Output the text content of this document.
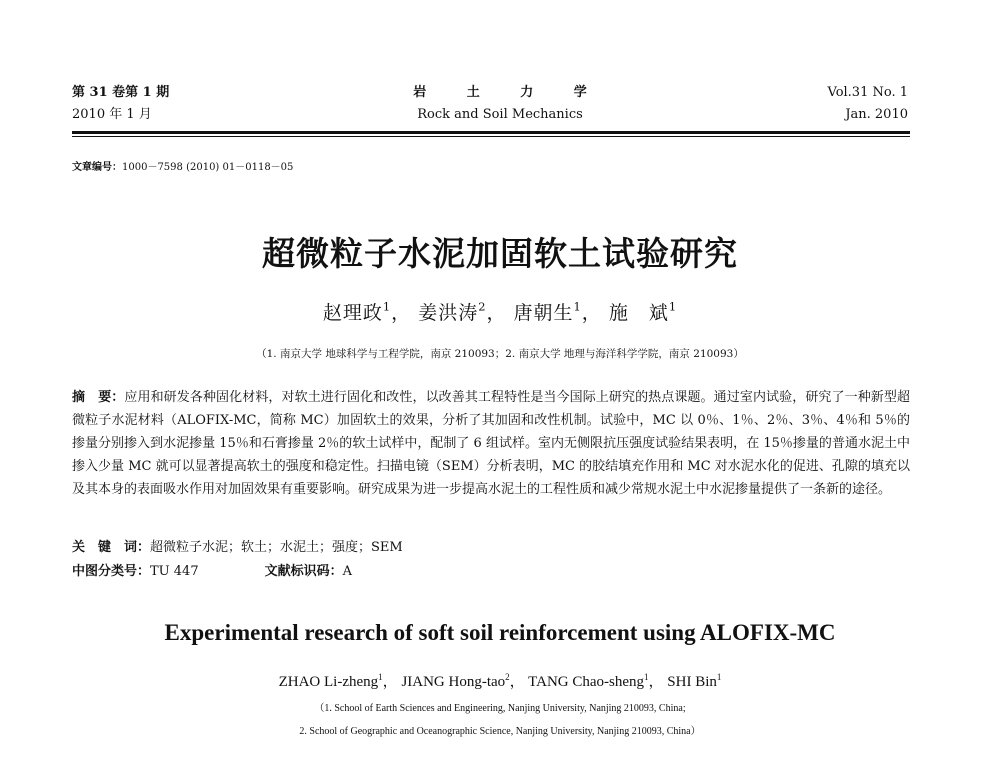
第 31 卷第 1 期
2010 年 1 月
岩 土 力 学
Rock and Soil Mechanics
Vol.31 No. 1
Jan. 2010
文章编号：1000－7598 (2010) 01－0118－05
超微粒子水泥加固软土试验研究
赵理政$^1$， 姜洪涛$^2$， 唐朝生$^1$， 施　斌$^1$
（1. 南京大学 地球科学与工程学院，南京 210093；2. 南京大学 地理与海洋科学学院，南京 210093）
摘　要：应用和研发各种固化材料，对软土进行固化和改性，以改善其工程特性是当今国际上研究的热点课题。通过室内试验，研究了一种新型超微粒子水泥材料（ALOFIX-MC，简称 MC）加固软土的效果，分析了其加固和改性机制。试验中，MC 以 0％、1％、2％、3％、4％和 5％的掺量分别掺入到水泥掺量 15％和石膏掺量 2％的软土试样中，配制了 6 组试样。室内无侧限抗压强度试验结果表明，在 15％掺量的普通水泥土中掺入少量 MC 就可以显著提高软土的强度和稳定性。扫描电镜（SEM）分析表明，MC 的胶结填充作用和 MC 对水泥水化的促进、孔隙的填充以及其本身的表面吸水作用对加固效果有重要影响。研究成果为进一步提高水泥土的工程性质和减少常规水泥土中水泥掺量提供了一条新的途径。
关　键　词：超微粒子水泥；软土；水泥土；强度；SEM
中图分类号：TU 447	文献标识码：A
Experimental research of soft soil reinforcement using ALOFIX-MC
ZHAO Li-zheng$^1$， JIANG Hong-tao$^2$， TANG Chao-sheng$^1$， SHI Bin$^1$
（1. School of Earth Sciences and Engineering, Nanjing University, Nanjing 210093, China;
2. School of Geographic and Oceanographic Science, Nanjing University, Nanjing 210093, China）
